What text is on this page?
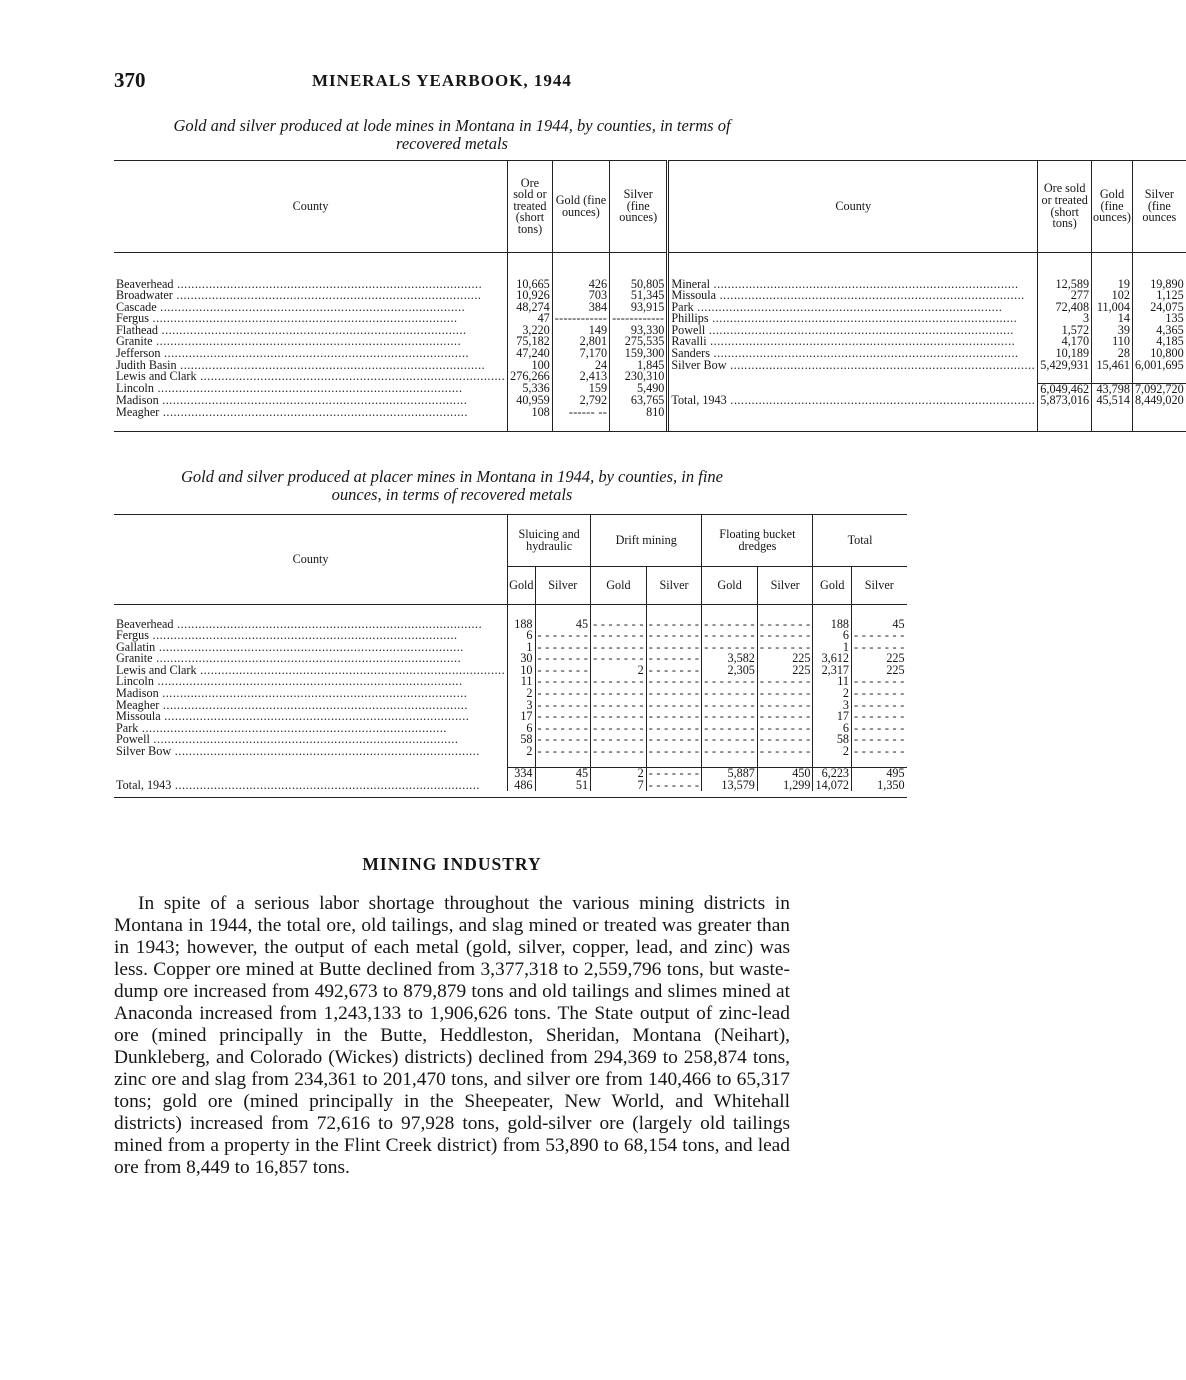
370	MINERALS YEARBOOK, 1944
Gold and silver produced at lode mines in Montana in 1944, by counties, in terms of
recovered metals
County	Ore sold or treated (short tons)	Gold (fine ounces)	Silver (fine ounces)	County	Ore sold or treated (short tons)	Gold (fine ounces)	Silver (fine ounces

Beaverhead .....	10,665	426	50,805	Mineral .....	12,589	19	19,890
Broadwater .....	10,926	703	51,345	Missoula .....	277	102	1,125
Cascade .....	48,274	384	93,915	Park .....	72,408	11,004	24,075
Fergus .....	47	------------	------------	Phillips .....	3	14	135
Flathead .....	3,220	149	93,330	Powell .....	1,572	39	4,365
Granite .....	75,182	2,801	275,535	Ravalli .....	4,170	110	4,185
Jefferson .....	47,240	7,170	159,300	Sanders .....	10,189	28	10,800
Judith Basin .....	100	24	1,845	Silver Bow .....	5,429,931	15,461	6,001,695
Lewis and Clark .....	276,266	2,413	230,310				
Lincoln .....	5,336	159	5,490		6,049,462	43,798	7,092,720
Madison .....	40,959	2,792	63,765	Total, 1943 .....	5,873,016	45,514	8,449,020
Meagher .....	108	------ --	810				

Gold and silver produced at placer mines in Montana in 1944, by counties, in fine
ounces, in terms of recovered metals
County	Sluicing and hydraulic		Drift mining		Floating bucket dredges		Total	
	Gold	Silver	Gold	Silver	Gold	Silver	Gold	Silver

Beaverhead .....	188	45	- - - - - - -	- - - - - - -	- - - - - - -	- - - - - - -	188	45
Fergus .....	6	- - - - - - -	- - - - - - -	- - - - - - -	- - - - - - -	- - - - - - -	6	- - - - - - -
Gallatin .....	1	- - - - - - -	- - - - - - -	- - - - - - -	- - - - - - -	- - - - - - -	1	- - - - - - -
Granite .....	30	- - - - - - -	- - - - - - -	- - - - - - -	3,582	225	3,612	225
Lewis and Clark .....	10	- - - - - - -	2	- - - - - - -	2,305	225	2,317	225
Lincoln .....	11	- - - - - - -	- - - - - - -	- - - - - - -	- - - - - - -	- - - - - - -	11	- - - - - - -
Madison .....	2	- - - - - - -	- - - - - - -	- - - - - - -	- - - - - - -	- - - - - - -	2	- - - - - - -
Meagher .....	3	- - - - - - -	- - - - - - -	- - - - - - -	- - - - - - -	- - - - - - -	3	- - - - - - -
Missoula .....	17	- - - - - - -	- - - - - - -	- - - - - - -	- - - - - - -	- - - - - - -	17	- - - - - - -
Park .....	6	- - - - - - -	- - - - - - -	- - - - - - -	- - - - - - -	- - - - - - -	6	- - - - - - -
Powell .....	58	- - - - - - -	- - - - - - -	- - - - - - -	- - - - - - -	- - - - - - -	58	- - - - - - -
Silver Bow .....	2	- - - - - - -	- - - - - - -	- - - - - - -	- - - - - - -	- - - - - - -	2	- - - - - - -

	334	45	2	- - - - - - -	5,887	450	6,223	495
Total, 1943 .....	486	51	7	- - - - - - -	13,579	1,299	14,072	1,350

MINING INDUSTRY
In spite of a serious labor shortage throughout the various mining districts in Montana in 1944, the total ore, old tailings, and slag mined or treated was greater than in 1943; however, the output of each metal (gold, silver, copper, lead, and zinc) was less. Copper ore mined at Butte declined from 3,377,318 to 2,559,796 tons, but waste-dump ore increased from 492,673 to 879,879 tons and old tailings and slimes mined at Anaconda increased from 1,243,133 to 1,906,626 tons. The State output of zinc-lead ore (mined principally in the Butte, Heddleston, Sheridan, Montana (Neihart), Dunkleberg, and Colorado (Wickes) districts) declined from 294,369 to 258,874 tons, zinc ore and slag from 234,361 to 201,470 tons, and silver ore from 140,466 to 65,317 tons; gold ore (mined principally in the Sheepeater, New World, and Whitehall districts) increased from 72,616 to 97,928 tons, gold-silver ore (largely old tailings mined from a property in the Flint Creek district) from 53,890 to 68,154 tons, and lead ore from 8,449 to 16,857 tons.
